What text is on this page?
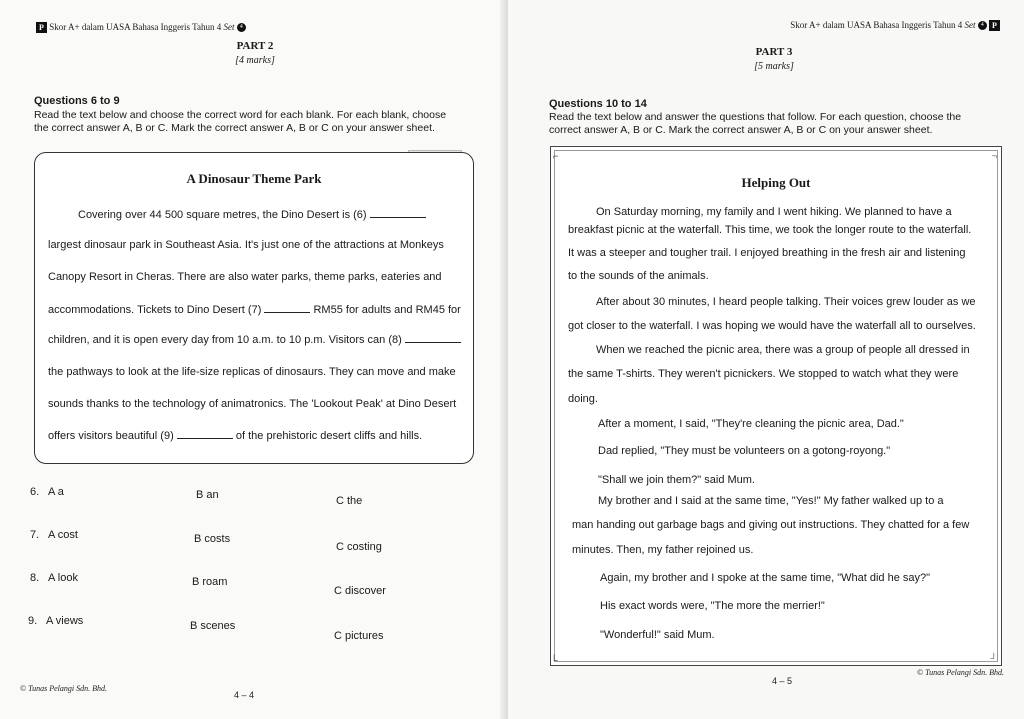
P Skor A+ dalam UASA Bahasa Inggeris Tahun 4 Set 4
PART 2
[4 marks]
Questions 6 to 9
Read the text below and choose the correct word for each blank. For each blank, choose
the correct answer A, B or C. Mark the correct answer A, B or C on your answer sheet.
A Dinosaur Theme Park
Covering over 44 500 square metres, the Dino Desert is (6)
largest dinosaur park in Southeast Asia. It's just one of the attractions at Monkeys
Canopy Resort in Cheras. There are also water parks, theme parks, eateries and
accommodations. Tickets to Dino Desert (7)	RM55 for adults and RM45 for
children, and it is open every day from 10 a.m. to 10 p.m. Visitors can (8)
the pathways to look at the life-size replicas of dinosaurs. They can move and make
sounds thanks to the technology of animatronics. The 'Lookout Peak' at Dino Desert
offers visitors beautiful (9)	of the prehistoric desert cliffs and hills.
6. A a	B an	C the
7. A cost	B costs
C costing
8. A look	B roam
C discover
9. A views	B scenes
C pictures
© Tunas Pelangi Sdn. Bhd.
4 – 4
Skor A+ dalam UASA Bahasa Inggeris Tahun 4 Set 4 P
PART 3
[5 marks]
Questions 10 to 14
Read the text below and answer the questions that follow. For each question, choose the
correct answer A, B or C. Mark the correct answer A, B or C on your answer sheet.
⌐	¬
L	┘
Helping Out
On Saturday morning, my family and I went hiking. We planned to have a
breakfast picnic at the waterfall. This time, we took the longer route to the waterfall.
It was a steeper and tougher trail. I enjoyed breathing in the fresh air and listening
to the sounds of the animals.
After about 30 minutes, I heard people talking. Their voices grew louder as we
got closer to the waterfall. I was hoping we would have the waterfall all to ourselves.
When we reached the picnic area, there was a group of people all dressed in
the same T-shirts. They weren't picnickers. We stopped to watch what they were
doing.
After a moment, I said, "They're cleaning the picnic area, Dad."
Dad replied, "They must be volunteers on a gotong-royong."
"Shall we join them?" said Mum.
My brother and I said at the same time, "Yes!" My father walked up to a
man handing out garbage bags and giving out instructions. They chatted for a few
minutes. Then, my father rejoined us.
Again, my brother and I spoke at the same time, "What did he say?"
His exact words were, "The more the merrier!"
"Wonderful!" said Mum.
4 – 5
© Tunas Pelangi Sdn. Bhd.
